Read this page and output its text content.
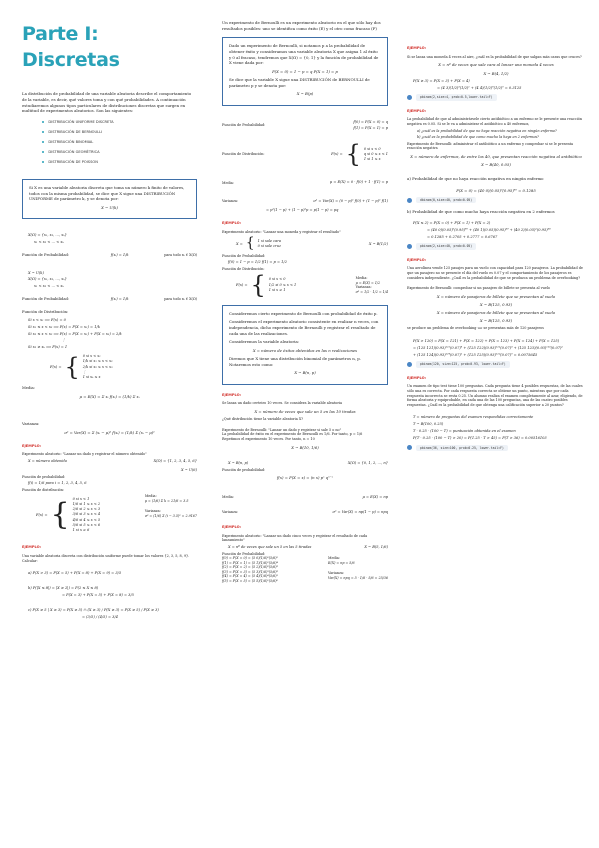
Parte I: Discretas

La distribución de probabilidad de una variable aleatoria describe el comportamiento de la variable, es decir, qué valores toma y con qué probabilidades. A continuación estudiaremos algunos tipos particulares de distribuciones discretas que surgen en multitud de experimentos aleatorios. Son las siguientes:

DISTRIBUCIÓN UNIFORME DISCRETA
DISTRIBUCIÓN DE BERNOULLI
DISTRIBUCIÓN BINOMIAL
DISTRIBUCIÓN GEOMÉTRICA
DISTRIBUCIÓN DE POISSON
Si X es una variable aleatoria discreta que toma un número k finito de valores, todos con la misma probabilidad, se dice que X sigue una DISTRIBUCIÓN UNIFORME de parámetro k, y se denota por:
X ~ U(k)
X(Ω) = {x₁, x₂, …, xₖ}
x₁ < x₂ < … < xₖ
Función de Probabilidad:	f(xᵢ) = 1/k	para todo xᵢ ∈ X(Ω)
X ~ U(k)
X(Ω) = {x₁, x₂, …, xₖ}
x₁ < x₂ < … < xₖ
Función de Probabilidad:	f(xᵢ) = 1/k	para todo xᵢ ∈ X(Ω)
Función de Distribución:
Si x < x₁ ⟹ F(x) = 0
Si x₁ ≤ x < x₂ ⟹ F(x) = P(X = x₁) = 1/k
Si x₂ ≤ x < x₃ ⟹ F(x) = P(X = x₁) + P(X = x₂) = 2/k
⋮
Si x₂ ≥ xₖ ⟹ F(x) = 1
F(x) = { 0 si x < x₁
1/k si x₁ ≤ x < x₂
2/k si x₂ ≤ x < x₃
⋮
1 si xₖ ≤ x
Media:
μ = E(X) = Σ xᵢ f(xᵢ) = (1/k) Σ xᵢ
Varianza:
σ² = Var(X) = Σ (xᵢ − μ)² f(xᵢ) = (1/k) Σ (xᵢ − μ)²
EJEMPLO:
Experimento aleatorio: "Lanzar un dado y registrar el número obtenido"
X = número obtenido	X(Ω) = {1, 2, 3, 4, 5, 6}
X ~ U(6)
Función de probabilidad:
f(i) = 1/6 para i = 1, 2, 3, 4, 5, 6
Función de distribución:
F(x) = { 0 si x < 1
1/6 si 1 ≤ x < 2
2/6 si 2 ≤ x < 3
3/6 si 3 ≤ x < 4
4/6 si 4 ≤ x < 5
5/6 si 5 ≤ x < 6
1 si x ≥ 6
Media:
μ = (1/6) Σ k = 21/6 = 3.5
Varianza:
σ² = (1/6) Σ (i − 3.5)² = 2.9167
EJEMPLO:
Una variable aleatoria discreta con distribución uniforme puede tomar los valores {2, 3, 5, 8, 9}. Calcular:
a) P(X > 3) = P(X = 5) + P(X = 8) + P(X = 9) = 3/5
b) P(|X ≤ 8|) = |X ≥ 2|) = P(2 ≤ X ≤ 8)
= P(X = 3) + P(X = 5) + P(X = 8) = 3/5
c) P(X ≥ 5 | X ≥ 3) = P(X ≥ 5) ∩ (X ≥ 3) / P(X ≥ 3) = P(X ≥ 5) / P(X ≥ 3)
= (3/5) / (4/5) = 3/4

Un experimento de Bernoulli es un experimento aleatorio en el que sólo hay dos resultados posibles: uno se identifica como éxito (E) y el otro como fracaso (F)

Dado un experimento de Bernoulli, si notamos p a la probabilidad de obtener éxito y consideramos una variable aleatoria X que asigna 1 al éxito y 0 al fracaso, tendremos que X(Ω) = {0, 1} y la función de probabilidad de X viene dada por:
P(X = 0) = 1 − p = q P(X = 1) = p
Se dice que la variable X sigue una DISTRIBUCIÓN de BERNOULLI de parámetro p y se denota por:
X ~ B(p)
Función de Probabilidad:
f(0) = P(X = 0) = q
f(1) = P(X = 1) = p
Función de Distribución:	F(x) = { 0 si x < 0
q si 0 ≤ x < 1
1 si 1 ≤ x
Media:	μ = E(X) = 0 · f(0) + 1 · f(1) = p
Varianza:	σ² = Var(X) = (0 − p)² f(0) + (1 − p)² f(1)
= p²(1 − p) + (1 − p)²p = p(1 − p) = pq
EJEMPLO:
Experimento aleatorio: "Lanzar una moneda y registrar el resultado"
X = { 1 si sale cara
0 si sale cruz
X ~ B(1/2)
Función de Probabilidad:
f(0) = 1 − p = 1/2 f(1) = p = 1/2
Función de Distribución:
F(x) = { 0 si x < 0
1/2 si 0 ≤ x < 1
1 si x ≥ 1
Media:
μ = E(X) = 1/2
Varianza:
σ² = 1/2 · 1/2 = 1/4
Consideremos cierto experimento de Bernoulli con probabilidad de éxito p.
Consideremos el experimento aleatorio consistente en realizar n veces, con independencia, dicho experimento de Bernoulli y registrar el resultado de cada una de las realizaciones.
Consideremos la variable aleatoria:
X = número de éxitos obtenidos en las n realizaciones
Diremos que X tiene una distribución binomial de parámetros n, p. Notaremos esto como:
X ~ B(n, p)
EJEMPLO:
Se lanza un dado certeiro 10 veces. Se considera la variable aleatoria
X = número de veces que sale un 5 en las 10 tiradas
¿Qué distribución tiene la variable aleatoria X?
Experimento de Bernoulli: "Lanzar un dado y registrar si sale 5 o no"
La probabilidad de éxito en el experimento de Bernoulli es 1/6. Por tanto, p = 1/6
Repetimos el experimento 10 veces. Por tanto, n = 10
X ~ B(10, 1/6)
X ~ B(n, p)	X(Ω) = {0, 1, 2, …, n}
Función de probabilidad:
f(x) = P(X = x) = (n x) pˣ qⁿ⁻ˣ
Media:	μ = E(X) = np
Varianza:	σ² = Var(X) = np(1 − p) = npq
EJEMPLO:
Experimento aleatorio: "Lanzar un dado cinco veces y registrar el resultado de cada lanzamiento"
X = nº de veces que sale un 5 en las 5 tiradas	X ~ B(5, 1/6)
Función de Probabilidad:
f(0) = P(X = 0) = (5 0)(1/6)⁰(5/6)⁵
f(1) = P(X = 1) = (5 1)(1/6)¹(5/6)⁴
f(2) = P(X = 2) = (5 2)(1/6)²(5/6)³
f(3) = P(X = 3) = (5 3)(1/6)³(5/6)²
f(4) = P(X = 4) = (5 4)(1/6)⁴(5/6)¹
f(5) = P(X = 5) = (5 5)(1/6)⁵(5/6)⁰
Media:
E(X) = np = 5/6
Varianza:
Var(X) = npq = 5 · 1/6 · 5/6 = 25/36
EJEMPLO:
Si se lanza una moneda 4 veces al aire, ¿cuál es la probabilidad de que salgan más caras que cruces?
X = nº de veces que sale cara al lanzar una moneda 4 veces
X ~ B(4, 1/2)
P(X ≥ 3) = P(X = 3) + P(X = 4)
= (4 3)(1/2)³(1/2)¹ + (4 4)(1/2)⁴(1/2)⁰ = 0.3125
pbinom(2,size=4, prob=0.5,lower.tail=F)
EJEMPLO:
La probabilidad de que al administrársele cierto antibiótico a un enfermo se le presente una reacción negativa es 0.05. Si se le va a administrar el antibiótico a 40 enfermos,
a) ¿cuál es la probabilidad de que no haya reacción negativa en ningún enfermo?
b) ¿cuál es la probabilidad de que como mucho la haya en 2 enfermos?
Experimento de Bernoulli: administrar el antibiótico a un enfermo y comprobar si se le presenta reacción negativa
X = número de enfermos, de entre los 40, que presentan reacción negativa al antibiótico
X ~ B(40, 0.05)
a) Probabilidad de que no haya reacción negativa en ningún enfermo
P(X = 0) = (40 0)(0.05)⁰(0.95)⁴⁰ = 0.1285
dbinom(0,size=40, prob=0.05)
b) Probabilidad de que como mucho haya reacción negativa en 2 enfermos
P(X ≤ 2) = P(X = 0) + P(X = 1) + P(X = 2)
= (40 0)(0.05)⁰(0.95)⁴⁰ + (40 1)(0.05)(0.95)³⁹ + (40 2)(0.05)²(0.95)³⁸
= 0.1285 + 0.2705 + 0.2777 = 0.6767
pbinom(2,size=40, prob=0.05)
EJEMPLO:
Una aerolínea vende 125 pasajes para un vuelo con capacidad para 120 pasajeros. La probabilidad de que un pasajero no se presente el día del vuelo es 0.07 y el comportamiento de los pasajeros es considera independiente. ¿Cuál es la probabilidad de que se produzca un problema de overbooking?
Experimento de Bernoulli: comprobar si un pasajero de billete se presenta al vuelo
X = número de pasajeros de billete que se presentan al vuelo
X ~ B(125, 0.93)
X = número de pasajeros de billete que se presentan al vuelo
X ~ B(125, 0.93)
se produce un problema de overbooking ⟺ se presentan más de 120 pasajeros
P(X > 120) = P(X = 121) + P(X = 122) + P(X = 123) + P(X = 124) + P(X = 125)
= (125 121)(0.93)¹²¹(0.07)⁴ + (125 122)(0.93)¹²²(0.07)³ + (125 123)(0.93)¹²³(0.07)²
+ (125 124)(0.93)¹²⁴(0.07)¹ + (125 125)(0.93)¹²⁵(0.07)⁰ = 0.0075645
pbinom(120, size=125, prob=0.93, lower.tail=F)
EJEMPLO:
Un examen de tipo test tiene 100 preguntas. Cada pregunta tiene 4 posibles respuestas, de las cuales sólo una es correcta. Por cada respuesta correcta se obtiene un punto, mientras que por cada respuesta incorrecta se resta 0.25. Un alumno realiza el examen completamente al azar, eligiendo, de forma aleatoria y equiprobable, en cada una de las 100 preguntas, una de las cuatro posibles respuestas. ¿Cuál es la probabilidad de que obtenga una calificación superior a 20 puntos?
T = número de preguntas del examen respondidas correctamente
T ~ B(100, 0.25)
T · 0.25 · (100 − T) = puntuación obtenida en el examen
P(T · 0.25 · (100 − T) > 20) = P(1.25 · T > 45) = P(T > 36) = 0.00516103
pbinom(36, size=100, prob=0.25, lower.tail=F)
